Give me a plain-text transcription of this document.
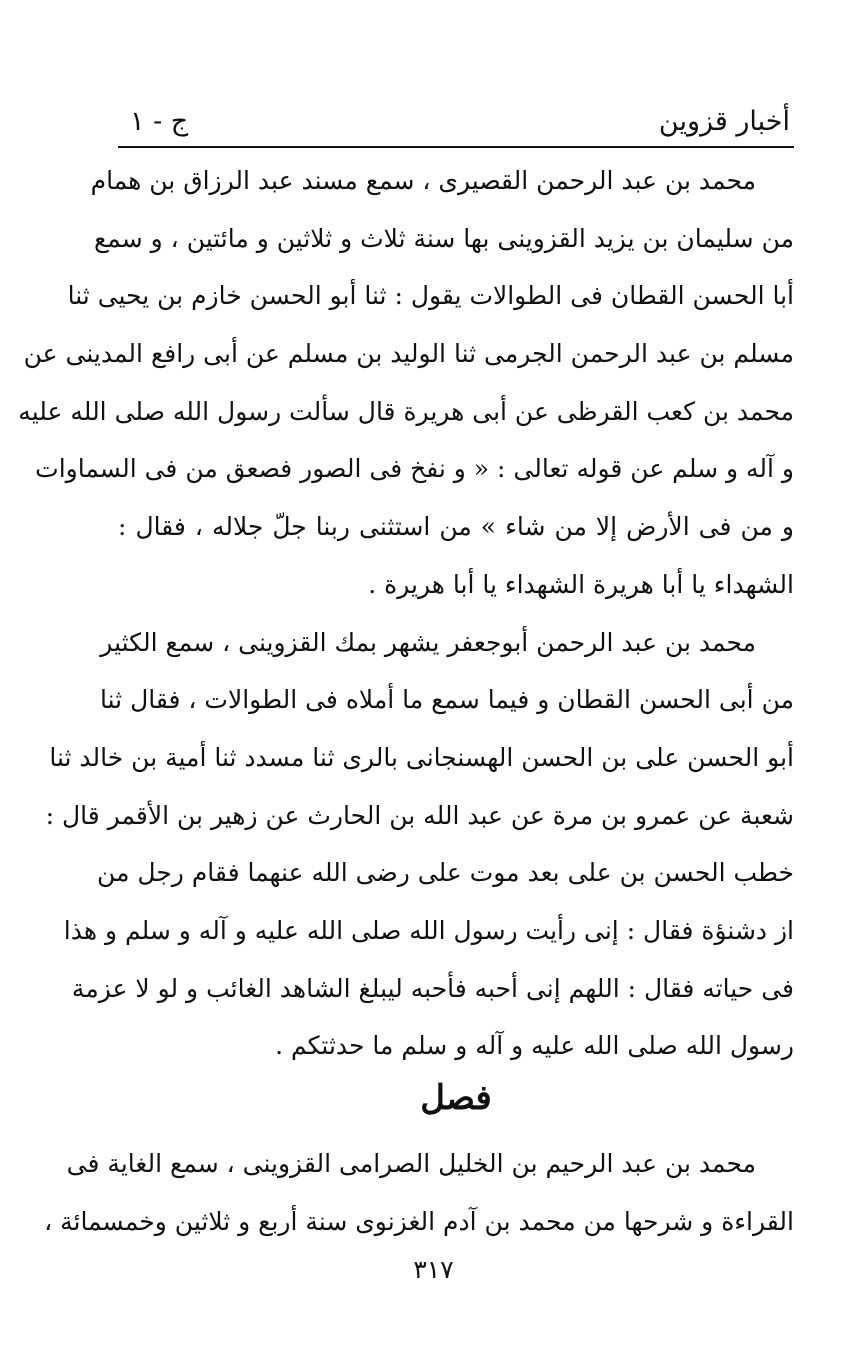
أخبار قزوين
ج - ١
محمد بن عبد الرحمن القصيرى ، سمع مسند عبد الرزاق بن همام
من سليمان بن يزيد القزوينى بها سنة ثلاث و ثلاثين و مائتين ، و سمع
أبا الحسن القطان فى الطوالات يقول : ثنا أبو الحسن خازم بن يحيى ثنا
مسلم بن عبد الرحمن الجرمى ثنا الوليد بن مسلم عن أبى رافع المدينى عن
محمد بن كعب القرظى عن أبى هريرة قال سألت رسول الله صلى الله عليه
و آله و سلم عن قوله تعالى : « و نفخ فى الصور فصعق من فى السماوات
و من فى الأرض إلا من شاء » من استثنى ربنا جلّ جلاله ، فقال :
الشهداء يا أبا هريرة الشهداء يا أبا هريرة .
محمد بن عبد الرحمن أبوجعفر يشهر بمك القزوينى ، سمع الكثير
من أبى الحسن القطان و فيما سمع ما أملاه فى الطوالات ، فقال ثنا
أبو الحسن على بن الحسن الهسنجانى بالرى ثنا مسدد ثنا أمية بن خالد ثنا
شعبة عن عمرو بن مرة عن عبد الله بن الحارث عن زهير بن الأقمر قال :
خطب الحسن بن على بعد موت على رضى الله عنهما فقام رجل من
از دشنؤة فقال : إنى رأيت رسول الله صلى الله عليه و آله و سلم و هذا
فى حياته فقال : اللهم إنى أحبه فأحبه ليبلغ الشاهد الغائب و لو لا عزمة
رسول الله صلى الله عليه و آله و سلم ما حدثتكم .
فصل
محمد بن عبد الرحيم بن الخليل الصرامى القزوينى ، سمع الغاية فى
القراءة و شرحها من محمد بن آدم الغزنوى سنة أربع و ثلاثين وخمسمائة ،
٣١٧
